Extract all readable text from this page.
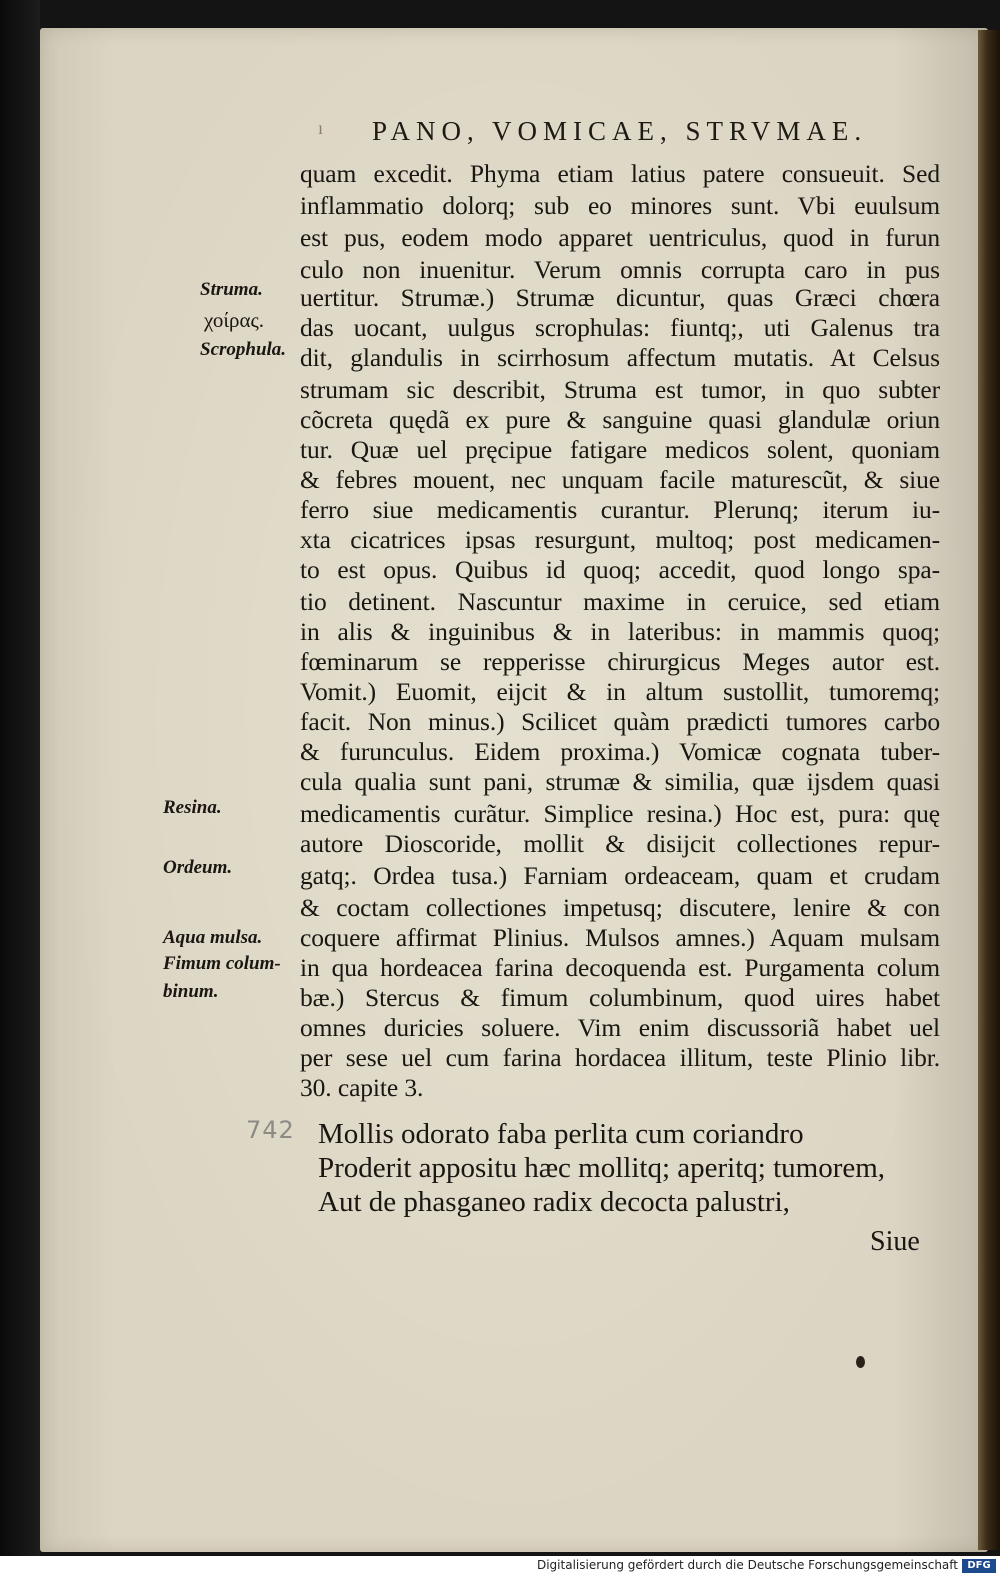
ı PANO, VOMICAE, STRVMAE.
quam excedit. Phyma etiam latius patere consueuit. Sed
inflammatio dolorq; sub eo minores sunt. Vbi euulsum
est pus, eodem modo apparet uentriculus, quod in furun
culo non inuenitur. Verum omnis corrupta caro in pus
uertitur. Strumæ.) Strumæ dicuntur, quas Græci chœra
das uocant, uulgus scrophulas: fiuntq;, uti Galenus tra
dit, glandulis in scirrhosum affectum mutatis. At Celsus
strumam sic describit, Struma est tumor, in quo subter
cõcreta quędã ex pure & sanguine quasi glandulæ oriun
tur. Quæ uel pręcipue fatigare medicos solent, quoniam
& febres mouent, nec unquam facile maturescũt, & siue
ferro siue medicamentis curantur. Plerunq; iterum iu-
xta cicatrices ipsas resurgunt, multoq; post medicamen-
to est opus. Quibus id quoq; accedit, quod longo spa-
tio detinent. Nascuntur maxime in ceruice, sed etiam
in alis & inguinibus & in lateribus: in mammis quoq;
fœminarum se repperisse chirurgicus Meges autor est.
Vomit.) Euomit, eijcit & in altum sustollit, tumoremq;
facit. Non minus.) Scilicet quàm prædicti tumores carbo
& furunculus. Eidem proxima.) Vomicæ cognata tuber-
cula qualia sunt pani, strumæ & similia, quæ ijsdem quasi
medicamentis curãtur. Simplice resina.) Hoc est, pura: quę
autore Dioscoride, mollit & disijcit collectiones repur-
gatq;. Ordea tusa.) Farniam ordeaceam, quam et crudam
& coctam collectiones impetusq; discutere, lenire & con
coquere affirmat Plinius. Mulsos amnes.) Aquam mulsam
in qua hordeacea farina decoquenda est. Purgamenta colum
bæ.) Stercus & fimum columbinum, quod uires habet
omnes duricies soluere. Vim enim discussoriã habet uel
per sese uel cum farina hordacea illitum, teste Plinio libr.
30. capite 3.
Struma.
χοίρας.
Scrophula.
Resina.
Ordeum.
Aqua mulsa.
Fimum colum-
binum.
742 Mollis odorato faba perlita cum coriandro
Proderit appositu hæc mollitq; aperitq; tumorem,
Aut de phasganeo radix decocta palustri,
Siue
Digitalisierung gefördert durch die Deutsche Forschungsgemeinschaft DFG
